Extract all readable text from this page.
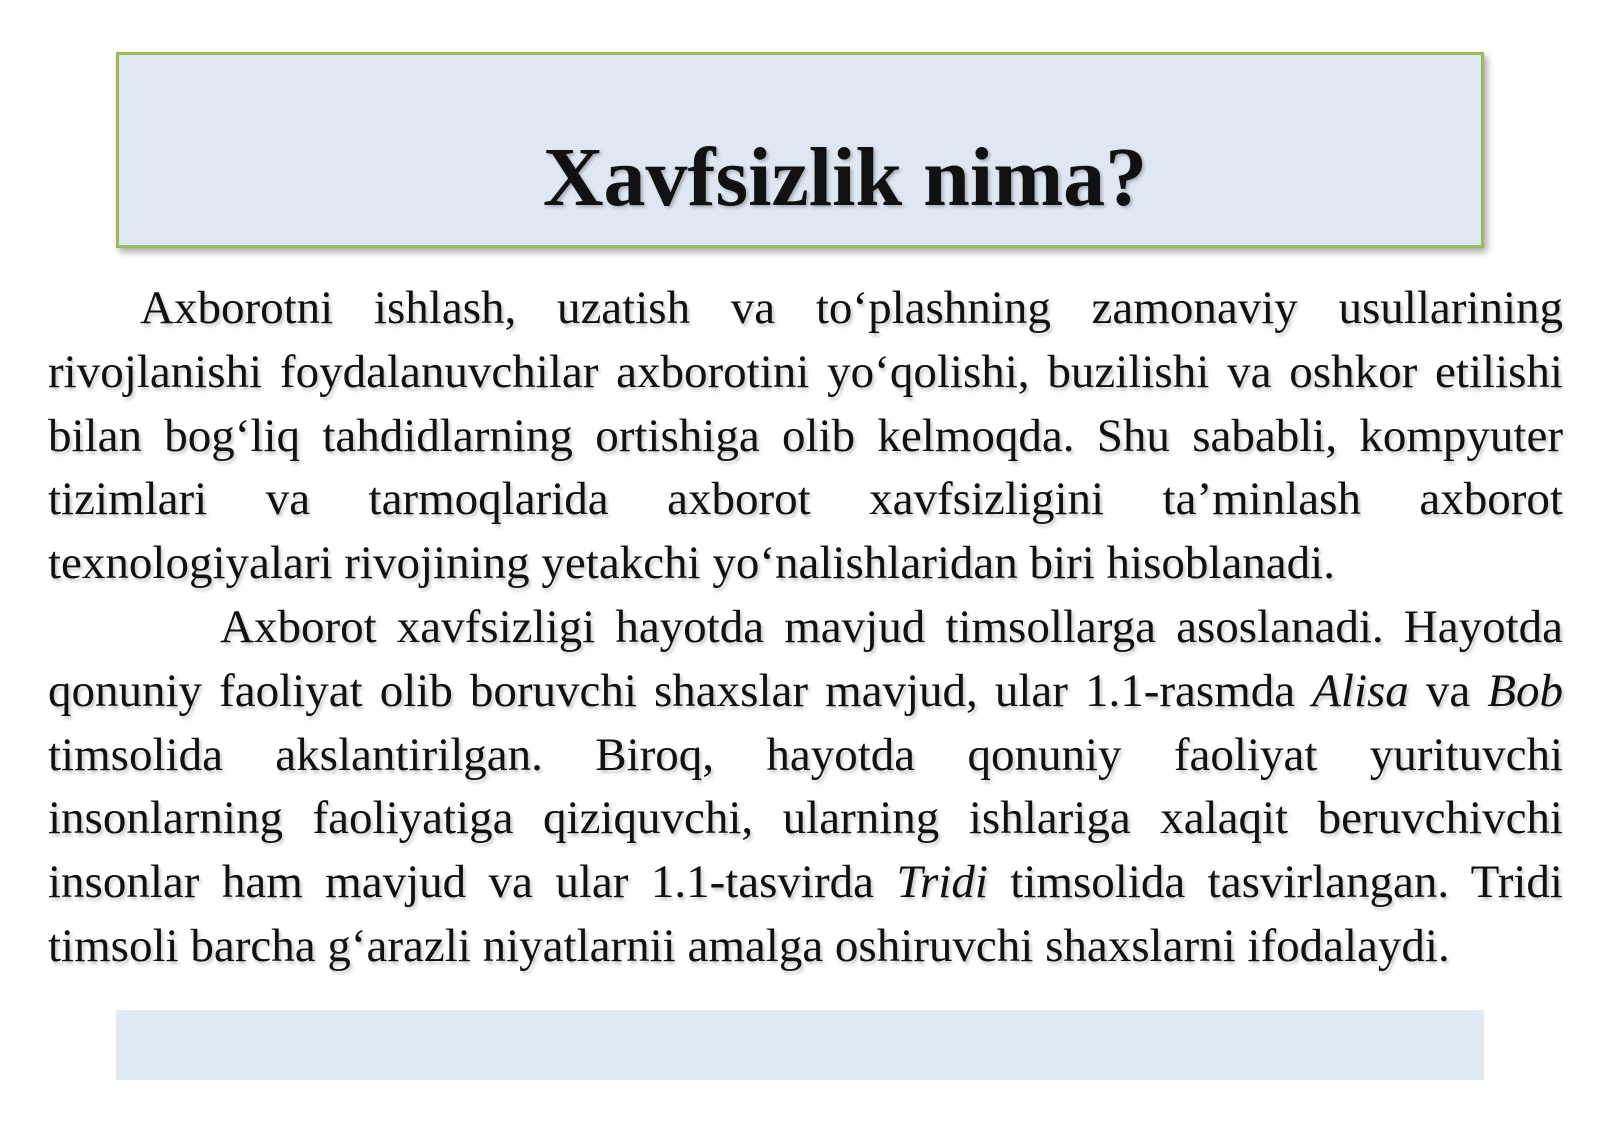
Xavfsizlik nima?

Axborotni ishlash, uzatish va to‘plashning zamonaviy usullarining rivojlanishi foydalanuvchilar axborotini yo‘qolishi, buzilishi va oshkor etilishi bilan bog‘liq tahdidlarning ortishiga olib kelmoqda. Shu sababli, kompyuter tizimlari va tarmoqlarida axborot xavfsizligini ta’minlash axborot texnologiyalari rivojining yetakchi yo‘nalishlaridan biri hisoblanadi.

Axborot xavfsizligi hayotda mavjud timsollarga asoslanadi. Hayotda qonuniy faoliyat olib boruvchi shaxslar mavjud, ular 1.1-rasmda Alisa va Bob timsolida akslantirilgan. Biroq, hayotda qonuniy faoliyat yurituvchi insonlarning faoliyatiga qiziquvchi, ularning ishlariga xalaqit beruvchivchi insonlar ham mavjud va ular 1.1-tasvirda Tridi timsolida tasvirlangan. Tridi timsoli barcha g‘arazli niyatlarnii amalga oshiruvchi shaxslarni ifodalaydi.
